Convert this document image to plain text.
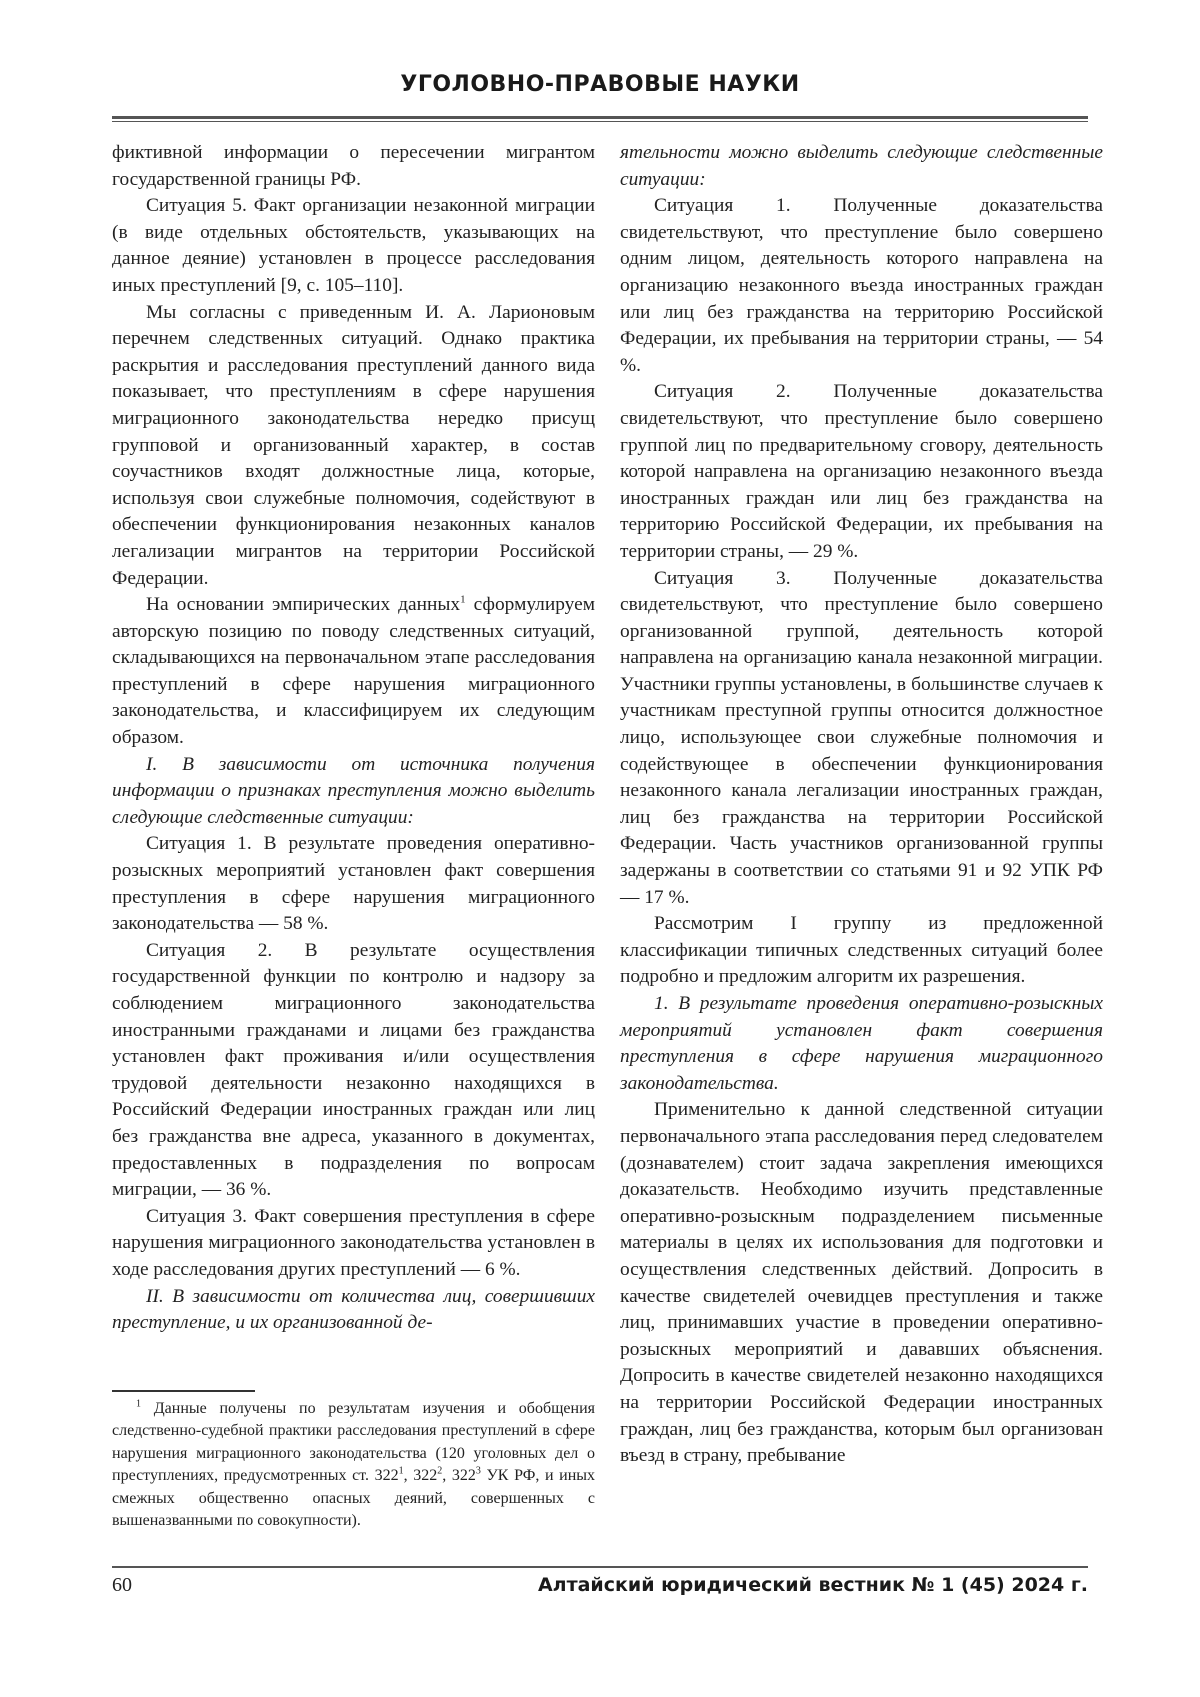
УГОЛОВНО-ПРАВОВЫЕ НАУКИ

фиктивной информации о пересечении мигрантом государственной границы РФ.

Ситуация 5. Факт организации незаконной миграции (в виде отдельных обстоятельств, указывающих на данное деяние) установлен в процессе расследования иных преступлений [9, с. 105–110].

Мы согласны с приведенным И. А. Ларионовым перечнем следственных ситуаций. Однако практика раскрытия и расследования преступлений данного вида показывает, что преступлениям в сфере нарушения миграционного законодательства нередко присущ групповой и организованный характер, в состав соучастников входят должностные лица, которые, используя свои служебные полномочия, содействуют в обеспечении функционирования незаконных каналов легализации мигрантов на территории Российской Федерации.

На основании эмпирических данных$^1$ сформулируем авторскую позицию по поводу следственных ситуаций, складывающихся на первоначальном этапе расследования преступлений в сфере нарушения миграционного законодательства, и классифицируем их следующим образом.

I. В зависимости от источника получения информации о признаках преступления можно выделить следующие следственные ситуации:

Ситуация 1. В результате проведения оперативно-розыскных мероприятий установлен факт совершения преступления в сфере нарушения миграционного законодательства — 58 %.

Ситуация 2. В результате осуществления государственной функции по контролю и надзору за соблюдением миграционного законодательства иностранными гражданами и лицами без гражданства установлен факт проживания и/или осуществления трудовой деятельности незаконно находящихся в Российский Федерации иностранных граждан или лиц без гражданства вне адреса, указанного в документах, предоставленных в подразделения по вопросам миграции, — 36 %.

Ситуация 3. Факт совершения преступления в сфере нарушения миграционного законодательства установлен в ходе расследования других преступлений — 6 %.

II. В зависимости от количества лиц, совершивших преступление, и их организованной де-

ятельности можно выделить следующие следственные ситуации:

Ситуация 1. Полученные доказательства свидетельствуют, что преступление было совершено одним лицом, деятельность которого направлена на организацию незаконного въезда иностранных граждан или лиц без гражданства на территорию Российской Федерации, их пребывания на территории страны, — 54 %.

Ситуация 2. Полученные доказательства свидетельствуют, что преступление было совершено группой лиц по предварительному сговору, деятельность которой направлена на организацию незаконного въезда иностранных граждан или лиц без гражданства на территорию Российской Федерации, их пребывания на территории страны, — 29 %.

Ситуация 3. Полученные доказательства свидетельствуют, что преступление было совершено организованной группой, деятельность которой направлена на организацию канала незаконной миграции. Участники группы установлены, в большинстве случаев к участникам преступной группы относится должностное лицо, использующее свои служебные полномочия и содействующее в обеспечении функционирования незаконного канала легализации иностранных граждан, лиц без гражданства на территории Российской Федерации. Часть участников организованной группы задержаны в соответствии со статьями 91 и 92 УПК РФ — 17 %.

Рассмотрим I группу из предложенной классификации типичных следственных ситуаций более подробно и предложим алгоритм их разрешения.

1. В результате проведения оперативно-розыскных мероприятий установлен факт совершения преступления в сфере нарушения миграционного законодательства.

Применительно к данной следственной ситуации первоначального этапа расследования перед следователем (дознавателем) стоит задача закрепления имеющихся доказательств. Необходимо изучить представленные оперативно-розыскным подразделением письменные материалы в целях их использования для подготовки и осуществления следственных действий. Допросить в качестве свидетелей очевидцев преступления и также лиц, принимавших участие в проведении оперативно-розыскных мероприятий и дававших объяснения. Допросить в качестве свидетелей незаконно находящихся на территории Российской Федерации иностранных граждан, лиц без гражданства, которым был организован въезд в страну, пребывание

$^1$ Данные получены по результатам изучения и обобщения следственно-судебной практики расследования преступлений в сфере нарушения миграционного законодательства (120 уголовных дел о преступлениях, предусмотренных ст. $322^1$, $322^2$, $322^3$ УК РФ, и иных смежных общественно опасных деяний, совершенных с вышеназванными по совокупности).
60	Алтайский юридический вестник № 1 (45) 2024 г.
